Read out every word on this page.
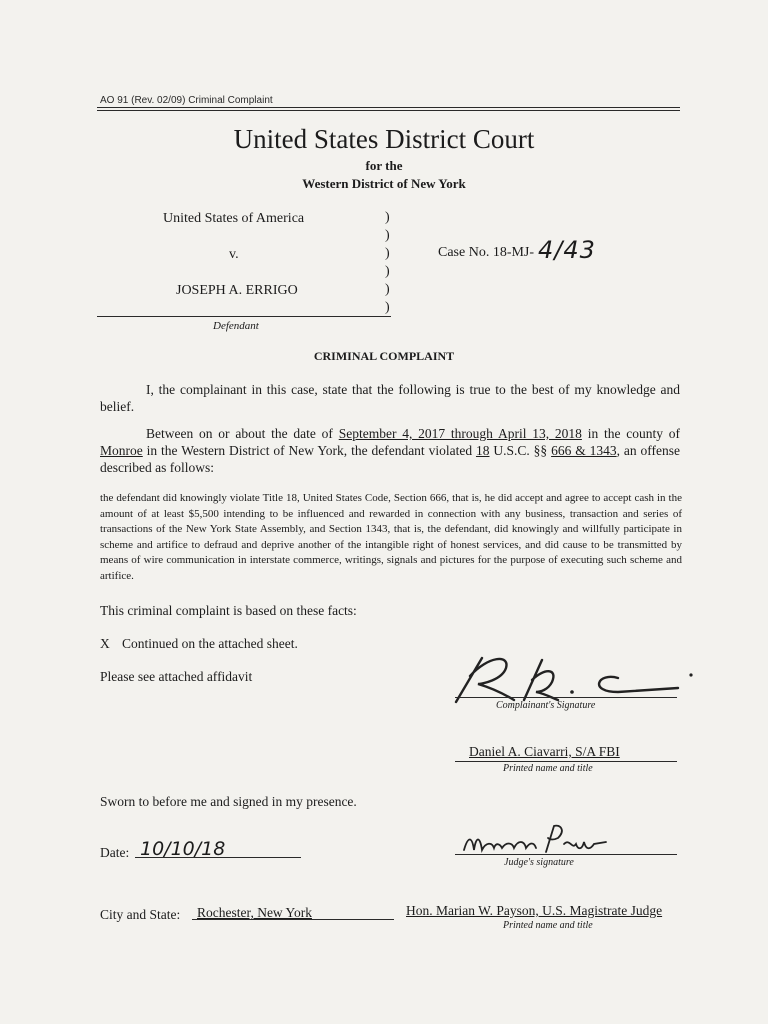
AO 91 (Rev. 02/09) Criminal Complaint
United States District Court
for the
Western District of New York
United States of America
v.
JOSEPH A. ERRIGO
)
)
)
)
)
)
Case No. 18-MJ- 4/43
Defendant
CRIMINAL COMPLAINT
I, the complainant in this case, state that the following is true to the best of my knowledge and belief.
Between on or about the date of September 4, 2017 through April 13, 2018 in the county of Monroe in the Western District of New York, the defendant violated 18 U.S.C. §§ 666 & 1343, an offense described as follows:
the defendant did knowingly violate Title 18, United States Code, Section 666, that is, he did accept and agree to accept cash in the amount of at least $5,500 intending to be influenced and rewarded in connection with any business, transaction and series of transactions of the New York State Assembly, and Section 1343, that is, the defendant, did knowingly and willfully participate in scheme and artifice to defraud and deprive another of the intangible right of honest services, and did cause to be transmitted by means of wire communication in interstate commerce, writings, signals and pictures for the purpose of executing such scheme and artifice.
This criminal complaint is based on these facts:
X Continued on the attached sheet.
Please see attached affidavit
Complainant's Signature
Daniel A. Ciavarri, S/A FBI
Printed name and title
Sworn to before me and signed in my presence.
Date: 10/10/18
Judge's signature
City and State: Rochester, New York	Hon. Marian W. Payson, U.S. Magistrate Judge
Printed name and title
